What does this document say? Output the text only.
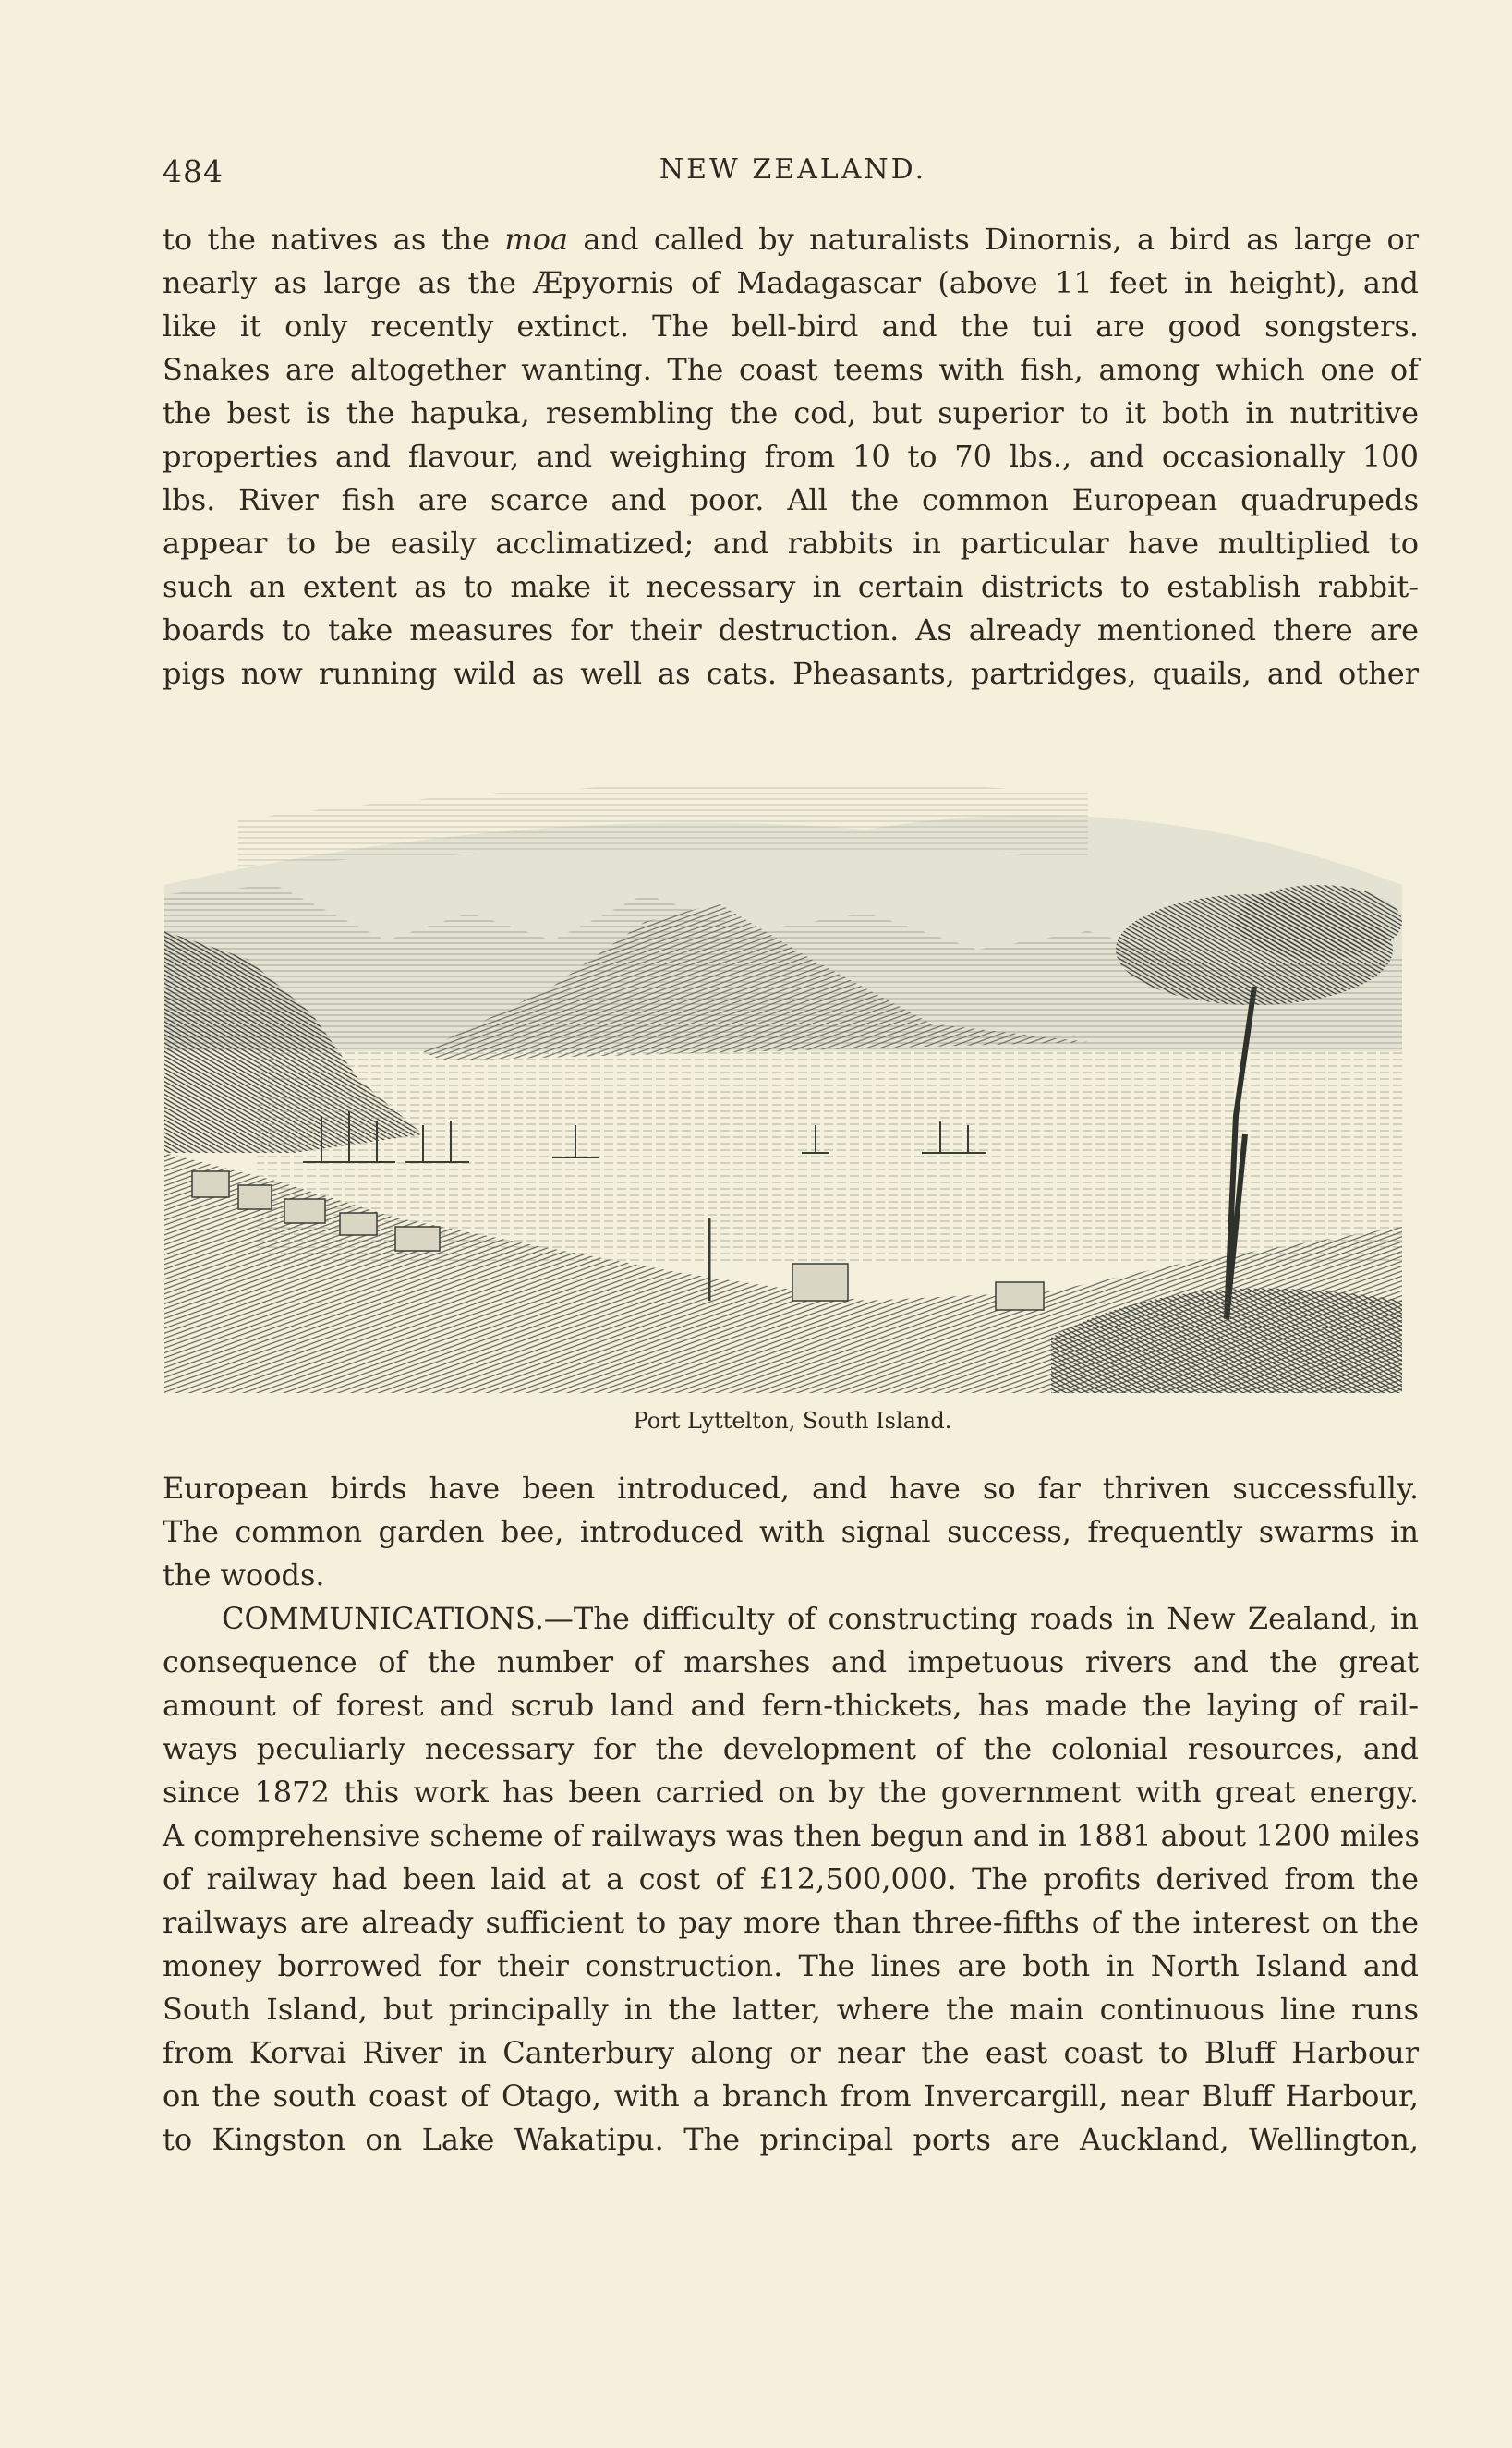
484	NEW ZEALAND.
to the natives as the moa and called by naturalists Dinornis, a bird as large or
nearly as large as the Æpyornis of Madagascar (above 11 feet in height), and
like it only recently extinct. The bell-bird and the tui are good songsters.
Snakes are altogether wanting. The coast teems with fish, among which one of
the best is the hapuka, resembling the cod, but superior to it both in nutritive
properties and flavour, and weighing from 10 to 70 lbs., and occasionally 100
lbs. River fish are scarce and poor. All the common European quadrupeds
appear to be easily acclimatized; and rabbits in particular have multiplied to
such an extent as to make it necessary in certain districts to establish rabbit-
boards to take measures for their destruction. As already mentioned there are
pigs now running wild as well as cats. Pheasants, partridges, quails, and other
Port Lyttelton, South Island.
European birds have been introduced, and have so far thriven successfully.
The common garden bee, introduced with signal success, frequently swarms in
the woods.
COMMUNICATIONS.—The difficulty of constructing roads in New Zealand, in
consequence of the number of marshes and impetuous rivers and the great
amount of forest and scrub land and fern-thickets, has made the laying of rail-
ways peculiarly necessary for the development of the colonial resources, and
since 1872 this work has been carried on by the government with great energy.
A comprehensive scheme of railways was then begun and in 1881 about 1200 miles
of railway had been laid at a cost of £12,500,000. The profits derived from the
railways are already sufficient to pay more than three-fifths of the interest on the
money borrowed for their construction. The lines are both in North Island and
South Island, but principally in the latter, where the main continuous line runs
from Korvai River in Canterbury along or near the east coast to Bluff Harbour
on the south coast of Otago, with a branch from Invercargill, near Bluff Harbour,
to Kingston on Lake Wakatipu. The principal ports are Auckland, Wellington,
